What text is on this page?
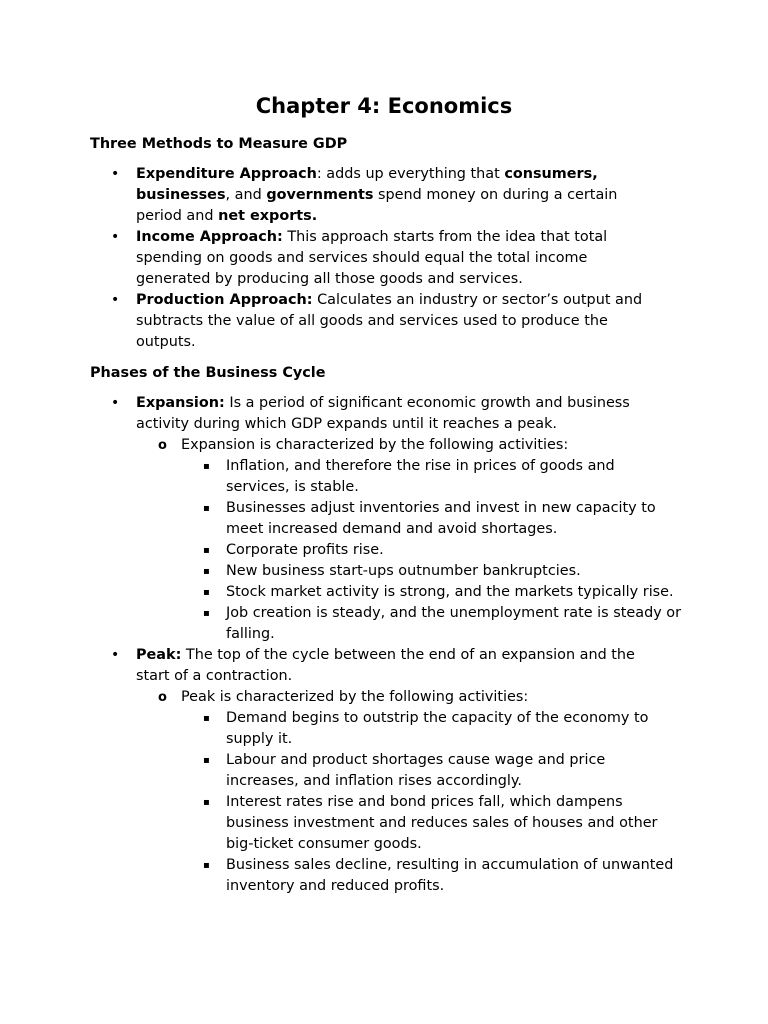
Chapter 4: Economics

Three Methods to Measure GDP

• Expenditure Approach: adds up everything that consumers, businesses, and governments spend money on during a certain period and net exports.

• Income Approach: This approach starts from the idea that total spending on goods and services should equal the total income generated by producing all those goods and services.

• Production Approach: Calculates an industry or sector’s output and subtracts the value of all goods and services used to produce the outputs.

Phases of the Business Cycle

• Expansion: Is a period of significant economic growth and business activity during which GDP expands until it reaches a peak.

o Expansion is characterized by the following activities:

▪ Inflation, and therefore the rise in prices of goods and services, is stable.

▪ Businesses adjust inventories and invest in new capacity to meet increased demand and avoid shortages.

▪ Corporate profits rise.

▪ New business start-ups outnumber bankruptcies.

▪ Stock market activity is strong, and the markets typically rise.

▪ Job creation is steady, and the unemployment rate is steady or falling.

• Peak: The top of the cycle between the end of an expansion and the start of a contraction.

o Peak is characterized by the following activities:

▪ Demand begins to outstrip the capacity of the economy to supply it.

▪ Labour and product shortages cause wage and price increases, and inflation rises accordingly.

▪ Interest rates rise and bond prices fall, which dampens business investment and reduces sales of houses and other big-ticket consumer goods.

▪ Business sales decline, resulting in accumulation of unwanted inventory and reduced profits.
